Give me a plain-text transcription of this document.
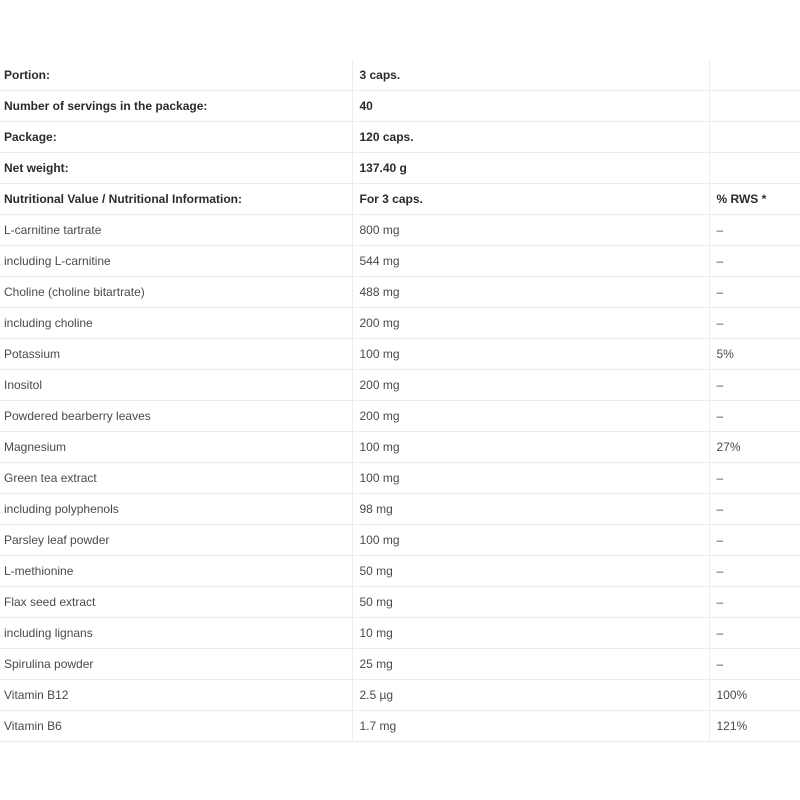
Portion:	3 caps.	
Number of servings in the package:	40	
Package:	120 caps.	
Net weight:	137.40 g	
Nutritional Value / Nutritional Information:	For 3 caps.	% RWS *
L-carnitine tartrate	800 mg	–
including L-carnitine	544 mg	–
Choline (choline bitartrate)	488 mg	–
including choline	200 mg	–
Potassium	100 mg	5%
Inositol	200 mg	–
Powdered bearberry leaves	200 mg	–
Magnesium	100 mg	27%
Green tea extract	100 mg	–
including polyphenols	98 mg	–
Parsley leaf powder	100 mg	–
L-methionine	50 mg	–
Flax seed extract	50 mg	–
including lignans	10 mg	–
Spirulina powder	25 mg	–
Vitamin B12	2.5 µg	100%
Vitamin B6	1.7 mg	121%
